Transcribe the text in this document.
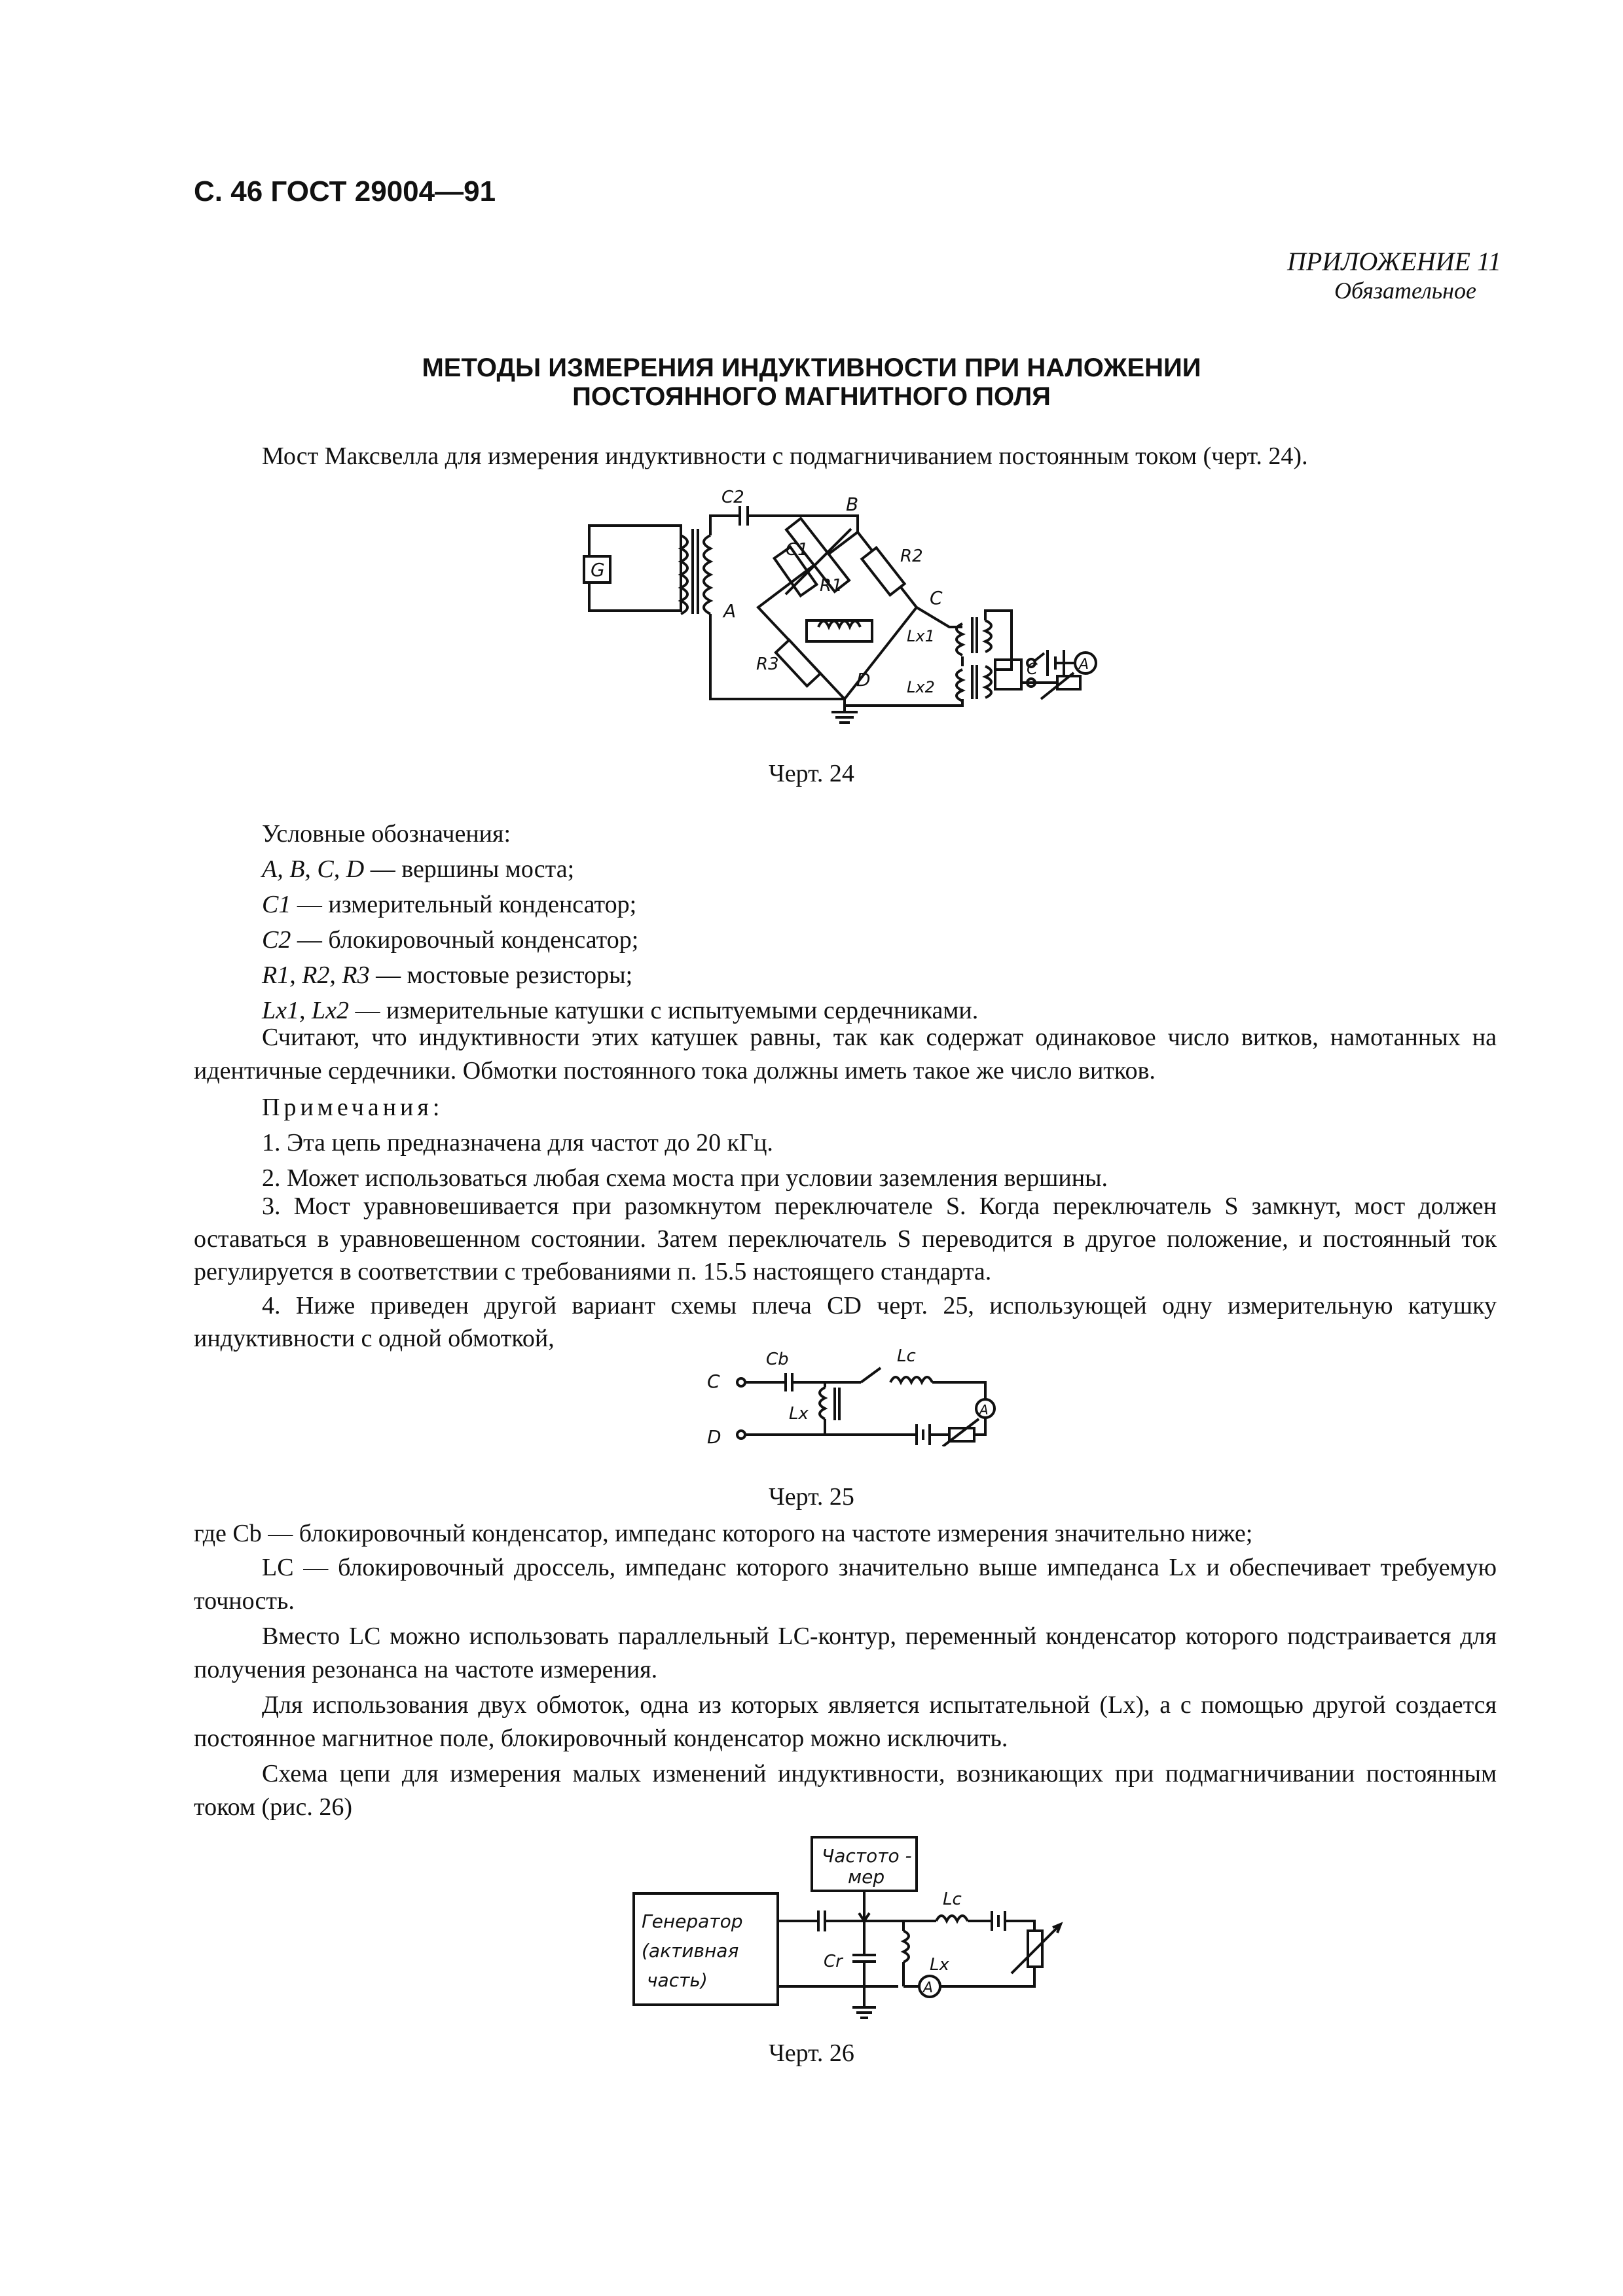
С. 46 ГОСТ 29004—91
ПРИЛОЖЕНИЕ 11
Обязательное
МЕТОДЫ ИЗМЕРЕНИЯ ИНДУКТИВНОСТИ ПРИ НАЛОЖЕНИИ
ПОСТОЯННОГО МАГНИТНОГО ПОЛЯ
Мост Максвелла для измерения индуктивности с подмагничиванием постоянным током (черт. 24).
G
C2	B
C1	R2
R1
A
C
R3
D
Lx1
Lx2
A
C
Черт. 24
Условные обозначения:
A, B, C, D — вершины моста;
C1 — измерительный конденсатор;
C2 — блокировочный конденсатор;
R1, R2, R3 — мостовые резисторы;
Lx1, Lx2 — измерительные катушки с испытуемыми сердечниками.
Считают, что индуктивности этих катушек равны, так как содержат одинаковое число витков, намотанных на идентичные сердечники. Обмотки постоянного тока должны иметь такое же число витков.
Примечания:
1. Эта цепь предназначена для частот до 20 кГц.
2. Может использоваться любая схема моста при условии заземления вершины.
3. Мост уравновешивается при разомкнутом переключателе S. Когда переключатель S замкнут, мост должен оставаться в уравновешенном состоянии. Затем переключатель S переводится в другое положение, и постоянный ток регулируется в соответствии с требованиями п. 15.5 настоящего стандарта.
4. Ниже приведен другой вариант схемы плеча CD черт. 25, использующей одну измерительную катушку индуктивности с одной обмоткой,
C
D
Cb
Lx
Lc
A
Черт. 25
где Cb — блокировочный конденсатор, импеданс которого на частоте измерения значительно ниже;
LC — блокировочный дроссель, импеданс которого значительно выше импеданса Lx и обеспечивает требуемую точность.
Вместо LC можно использовать параллельный LC-контур, переменный конденсатор которого подстраивается для получения резонанса на частоте измерения.
Для использования двух обмоток, одна из которых является испытательной (Lx), а с помощью другой создается постоянное магнитное поле, блокировочный конденсатор можно исключить.
Схема цепи для измерения малых изменений индуктивности, возникающих при подмагничивании постоянным током (рис. 26)
Частото -
мер
Генератор
(активная
часть)
Cr	Lx
Lc
A
Черт. 26
